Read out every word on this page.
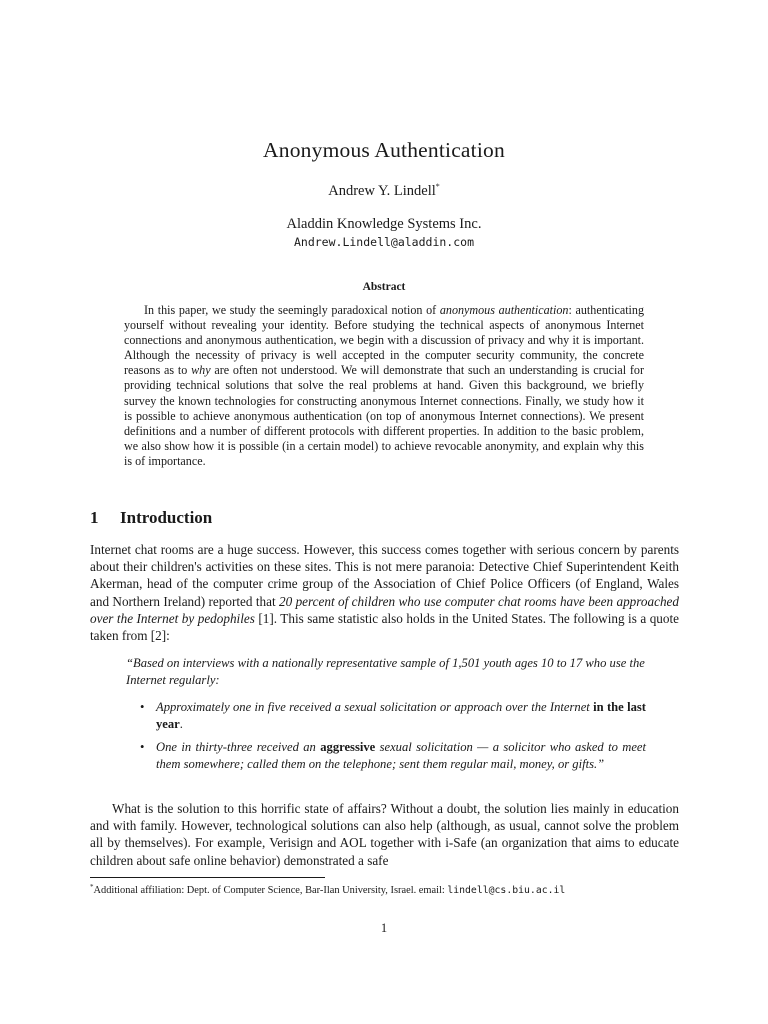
Anonymous Authentication
Andrew Y. Lindell*
Aladdin Knowledge Systems Inc.
Andrew.Lindell@aladdin.com
Abstract

In this paper, we study the seemingly paradoxical notion of anonymous authentication: authenticating yourself without revealing your identity. Before studying the technical aspects of anonymous Internet connections and anonymous authentication, we begin with a discussion of privacy and why it is important. Although the necessity of privacy is well accepted in the computer security community, the concrete reasons as to why are often not understood. We will demonstrate that such an understanding is crucial for providing technical solutions that solve the real problems at hand. Given this background, we briefly survey the known technologies for constructing anonymous Internet connections. Finally, we study how it is possible to achieve anonymous authentication (on top of anonymous Internet connections). We present definitions and a number of different protocols with different properties. In addition to the basic problem, we also show how it is possible (in a certain model) to achieve revocable anonymity, and explain why this is of importance.

1 Introduction

Internet chat rooms are a huge success. However, this success comes together with serious concern by parents about their children's activities on these sites. This is not mere paranoia: Detective Chief Superintendent Keith Akerman, head of the computer crime group of the Association of Chief Police Officers (of England, Wales and Northern Ireland) reported that 20 percent of children who use computer chat rooms have been approached over the Internet by pedophiles [1]. This same statistic also holds in the United States. The following is a quote taken from [2]:

“Based on interviews with a nationally representative sample of 1,501 youth ages 10 to 17 who use the Internet regularly:

• Approximately one in five received a sexual solicitation or approach over the Internet in the last year.
• One in thirty-three received an aggressive sexual solicitation — a solicitor who asked to meet them somewhere; called them on the telephone; sent them regular mail, money, or gifts.”

What is the solution to this horrific state of affairs? Without a doubt, the solution lies mainly in education and with family. However, technological solutions can also help (although, as usual, cannot solve the problem all by themselves). For example, Verisign and AOL together with i-Safe (an organization that aims to educate children about safe online behavior) demonstrated a safe

*Additional affiliation: Dept. of Computer Science, Bar-Ilan University, Israel. email: lindell@cs.biu.ac.il
1
